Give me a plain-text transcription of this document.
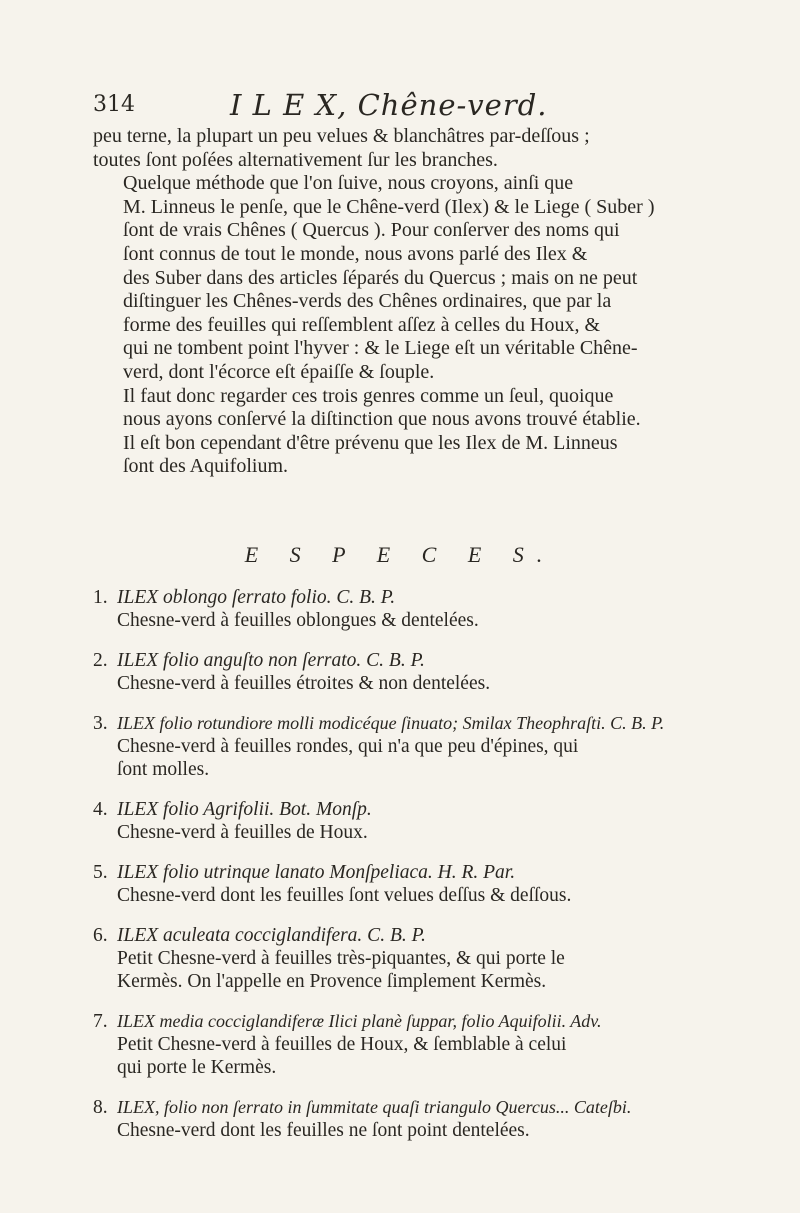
314	I L E X, Chêne-verd.

peu terne, la plupart un peu velues & blanchâtres par-deſſous ;
toutes ſont poſées alternativement ſur les branches.

Quelque méthode que l'on ſuive, nous croyons, ainſi que
M. Linneus le penſe, que le Chêne-verd (Ilex) & le Liege ( Suber )
ſont de vrais Chênes ( Quercus ). Pour conſerver des noms qui
ſont connus de tout le monde, nous avons parlé des Ilex &
des Suber dans des articles ſéparés du Quercus ; mais on ne peut
diſtinguer les Chênes-verds des Chênes ordinaires, que par la
forme des feuilles qui reſſemblent aſſez à celles du Houx, &
qui ne tombent point l'hyver : & le Liege eſt un véritable Chêne-
verd, dont l'écorce eſt épaiſſe & ſouple.

Il faut donc regarder ces trois genres comme un ſeul, quoique
nous ayons conſervé la diſtinction que nous avons trouvé établie.

Il eſt bon cependant d'être prévenu que les Ilex de M. Linneus
ſont des Aquifolium.

E S P E C E S.
1. ILEX oblongo ſerrato folio. C. B. P.
Chesne-verd à feuilles oblongues & dentelées.
2. ILEX folio anguſto non ſerrato. C. B. P.
Chesne-verd à feuilles étroites & non dentelées.
3. ILEX folio rotundiore molli modicéque ſinuato; Smilax Theophraſti. C. B. P.
Chesne-verd à feuilles rondes, qui n'a que peu d'épines, qui
ſont molles.
4. ILEX folio Agrifolii. Bot. Monſp.
Chesne-verd à feuilles de Houx.
5. ILEX folio utrinque lanato Monſpeliaca. H. R. Par.
Chesne-verd dont les feuilles ſont velues deſſus & deſſous.
6. ILEX aculeata cocciglandifera. C. B. P.
Petit Chesne-verd à feuilles très-piquantes, & qui porte le
Kermès. On l'appelle en Provence ſimplement Kermès.
7. ILEX media cocciglandiferæ Ilici planè ſuppar, folio Aquifolii. Adv.
Petit Chesne-verd à feuilles de Houx, & ſemblable à celui
qui porte le Kermès.
8. ILEX, folio non ſerrato in ſummitate quaſi triangulo Quercus... Cateſbi.
Chesne-verd dont les feuilles ne ſont point dentelées.
